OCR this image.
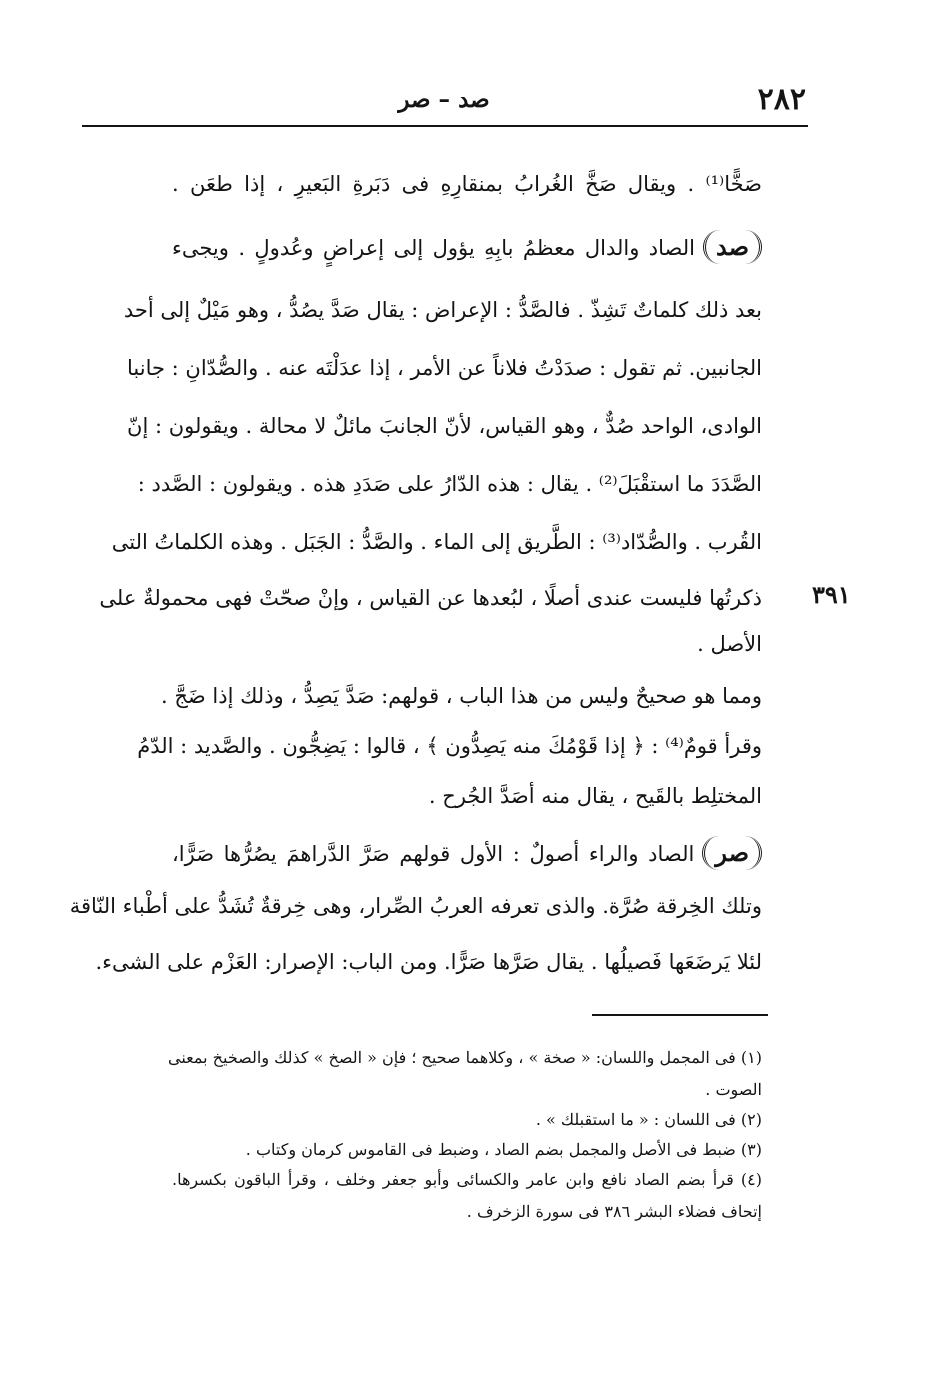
٢٨٢
صد – صر
صَخًّا⁽¹⁾ . ويقال صَخَّ الغُرابُ بمنقارِهِ فى دَبَرةِ البَعيرِ ، إذا طعَن .
صدالصاد والدال معظمُ بابِهِ يؤول إلى إعراضٍ وعُدولٍ . ويجىء
بعد ذلك كلماتٌ تَشِذّ . فالصَّدُّ : الإعراض : يقال صَدَّ يصُدُّ ، وهو مَيْلٌ إلى أحد
الجانبين. ثم تقول : صدَدْتُ فلاناً عن الأمر ، إذا عدَلْتَه عنه . والصُّدّانِ : جانبا
الوادى، الواحد صُدٌّ ، وهو القياس، لأنّ الجانبَ مائلٌ لا محالة . ويقولون : إنّ
الصَّدَدَ ما استقْبَلَ⁽²⁾ . يقال : هذه الدّارُ على صَدَدِ هذه . ويقولون : الصَّدد :
القُرب . والصُّدّاد⁽³⁾ : الطَّريق إلى الماء . والصَّدُّ : الجَبَل . وهذه الكلماتُ التى
ذكرتُها فليست عندى أصلًا ، لبُعدها عن القياس ، وإنْ صحّتْ فهى محمولةٌ على ٣٩١
الأصل .
ومما هو صحيحٌ وليس من هذا الباب ، قولهم: صَدَّ يَصِدُّ ، وذلك إذا ضَجَّ .
وقرأ قومٌ⁽⁴⁾ : ﴿ إذا قَوْمُكَ منه يَصِدُّون ﴾ ، قالوا : يَضِجُّون . والصَّديد : الدّمُ
المختلِط بالقَيح ، يقال منه أصَدَّ الجُرح .
صرالصاد والراء أصولٌ : الأول قولهم صَرَّ الدَّراهمَ يصُرُّها صَرًّا،
وتلك الخِرقة صُرَّة. والذى تعرفه العربُ الصِّرار، وهى خِرقةٌ تُشَدُّ على أطْباء النّاقة
لئلا يَرضَعَها فَصيلُها . يقال صَرَّها صَرًّا. ومن الباب: الإصرار: العَزْم على الشىء.
(١) فى المجمل واللسان: « صخة » ، وكلاهما صحيح ؛ فإن « الصخ » كذلك والصخيخ بمعنى
الصوت .
(٢) فى اللسان : « ما استقبلك » .
(٣) ضبط فى الأصل والمجمل بضم الصاد ، وضبط فى القاموس كرمان وكتاب .
(٤) قرأ بضم الصاد نافع وابن عامر والكسائى وأبو جعفر وخلف ، وقرأ الباقون بكسرها.
إتحاف فضلاء البشر ٣٨٦ فى سورة الزخرف .
